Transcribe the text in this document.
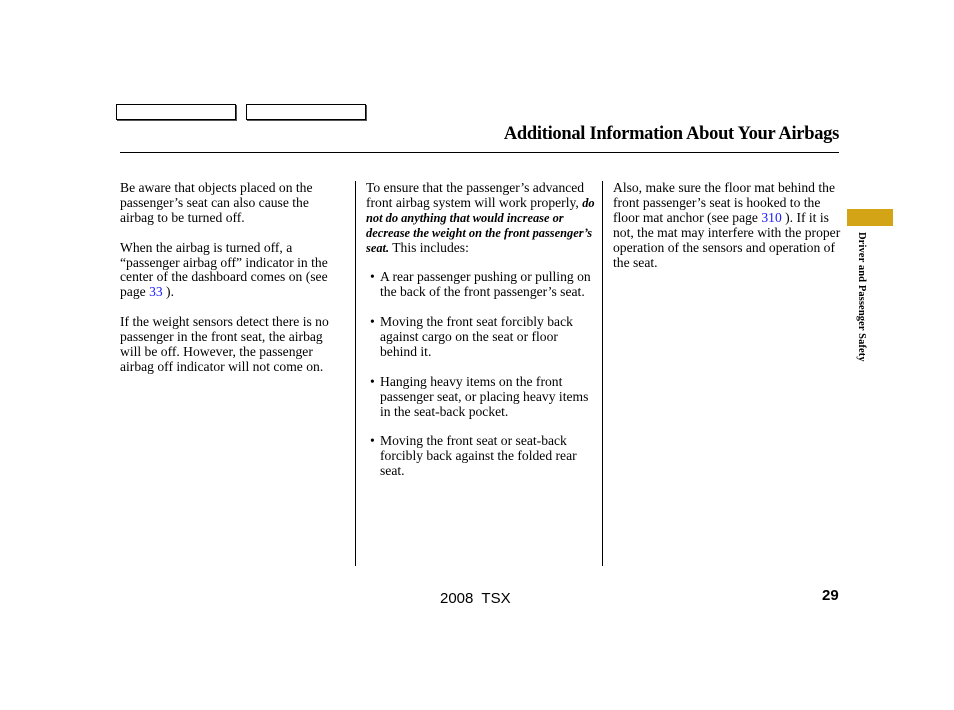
Additional Information About Your Airbags

Be aware that objects placed on the passenger’s seat can also cause the airbag to be turned off.

When the airbag is turned off, a “passenger airbag off” indicator in the center of the dashboard comes on (see page 33 ).

If the weight sensors detect there is no passenger in the front seat, the airbag will be off. However, the passenger airbag off indicator will not come on.

To ensure that the passenger’s advanced front airbag system will work properly, do not do anything that would increase or decrease the weight on the front passenger’s seat. This includes:

• A rear passenger pushing or pulling on the back of the front passenger’s seat.
• Moving the front seat forcibly back against cargo on the seat or floor behind it.
• Hanging heavy items on the front passenger seat, or placing heavy items in the seat-back pocket.
• Moving the front seat or seat-back forcibly back against the folded rear seat.

Also, make sure the floor mat behind the front passenger’s seat is hooked to the floor mat anchor (see page 310 ). If it is not, the mat may interfere with the proper operation of the sensors and operation of the seat.	Driver and Passenger Safety
2008  TSX	29
